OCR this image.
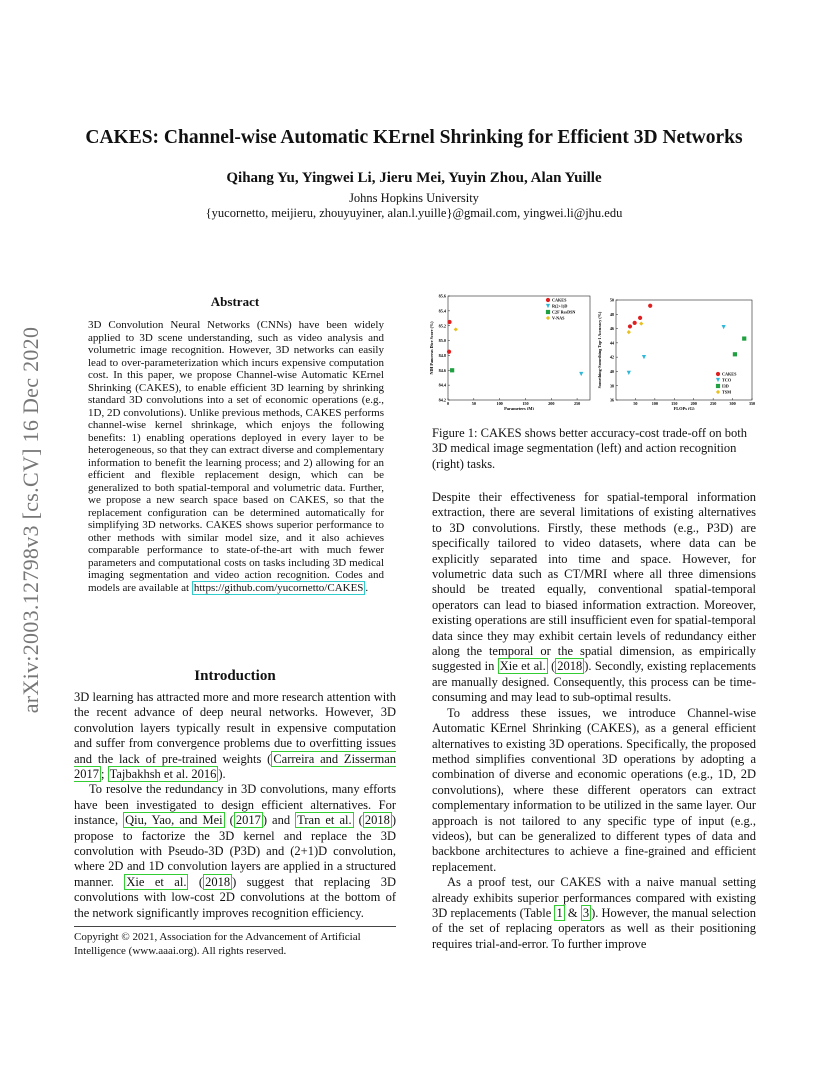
arXiv:2003.12798v3 [cs.CV] 16 Dec 2020
CAKES: Channel-wise Automatic KErnel Shrinking for Efficient 3D Networks
Qihang Yu, Yingwei Li, Jieru Mei, Yuyin Zhou, Alan Yuille
Johns Hopkins University
{yucornetto, meijieru, zhouyuyiner, alan.l.yuille}@gmail.com, yingwei.li@jhu.edu
Abstract
3D Convolution Neural Networks (CNNs) have been widely applied to 3D scene understanding, such as video analysis and volumetric image recognition. However, 3D networks can easily lead to over-parameterization which incurs expensive computation cost. In this paper, we propose Channel-wise Automatic KErnel Shrinking (CAKES), to enable efficient 3D learning by shrinking standard 3D convolutions into a set of economic operations (e.g., 1D, 2D convolutions). Unlike previous methods, CAKES performs channel-wise kernel shrinkage, which enjoys the following benefits: 1) enabling operations deployed in every layer to be heterogeneous, so that they can extract diverse and complementary information to benefit the learning process; and 2) allowing for an efficient and flexible replacement design, which can be generalized to both spatial-temporal and volumetric data. Further, we propose a new search space based on CAKES, so that the replacement configuration can be determined automatically for simplifying 3D networks. CAKES shows superior performance to other methods with similar model size, and it also achieves comparable performance to state-of-the-art with much fewer parameters and computational costs on tasks including 3D medical imaging segmentation and video action recognition. Codes and models are available at https://github.com/yucornetto/CAKES .
Introduction

3D learning has attracted more and more research attention with the recent advance of deep neural networks. However, 3D convolution layers typically result in expensive computation and suffer from convergence problems due to overfitting issues and the lack of pre-trained weights ( Carreira and Zisserman 2017 ; Tajbakhsh et al. 2016 ).

To resolve the redundancy in 3D convolutions, many efforts have been investigated to design efficient alternatives. For instance, Qiu, Yao, and Mei ( 2017 ) and Tran et al. ( 2018 ) propose to factorize the 3D kernel and replace the 3D convolution with Pseudo-3D (P3D) and (2+1)D convolution, where 2D and 1D convolution layers are applied in a structured manner. Xie et al. ( 2018 ) suggest that replacing 3D convolutions with low-cost 2D convolutions at the bottom of the network significantly improves recognition efficiency.

Copyright © 2021, Association for the Advancement of Artificial Intelligence (www.aaai.org). All rights reserved.
84.2
84.4
84.6
84.8
85.0
85.2
85.4
85.6
0	50	100	150	200	250
Parameters (M)
NIH Pancreas Dice Score (%)
CAKES
R(2+1)D
C2F ResDSN
V-NAS
36
38
40
42
44
46
48
50
50	100	150	200	250	300	350
FLOPs (G)
Something-Something Top-1 Accuracy (%)	CAKES
TCO
I3D
TSM
Figure 1: CAKES shows better accuracy-cost trade-off on both 3D medical image segmentation (left) and action recognition (right) tasks.

Despite their effectiveness for spatial-temporal information extraction, there are several limitations of existing alternatives to 3D convolutions. Firstly, these methods (e.g., P3D) are specifically tailored to video datasets, where data can be explicitly separated into time and space. However, for volumetric data such as CT/MRI where all three dimensions should be treated equally, conventional spatial-temporal operators can lead to biased information extraction. Moreover, existing operations are still insufficient even for spatial-temporal data since they may exhibit certain levels of redundancy either along the temporal or the spatial dimension, as empirically suggested in Xie et al. ( 2018 ). Secondly, existing replacements are manually designed. Consequently, this process can be time-consuming and may lead to sub-optimal results.

To address these issues, we introduce Channel-wise Automatic KErnel Shrinking (CAKES), as a general efficient alternatives to existing 3D operations. Specifically, the proposed method simplifies conventional 3D operations by adopting a combination of diverse and economic operations (e.g., 1D, 2D convolutions), where these different operators can extract complementary information to be utilized in the same layer. Our approach is not tailored to any specific type of input (e.g., videos), but can be generalized to different types of data and backbone architectures to achieve a fine-grained and efficient replacement.

As a proof test, our CAKES with a naive manual setting already exhibits superior performances compared with existing 3D replacements (Table 1 & 3 ). However, the manual selection of the set of replacing operators as well as their positioning requires trial-and-error. To further improve
